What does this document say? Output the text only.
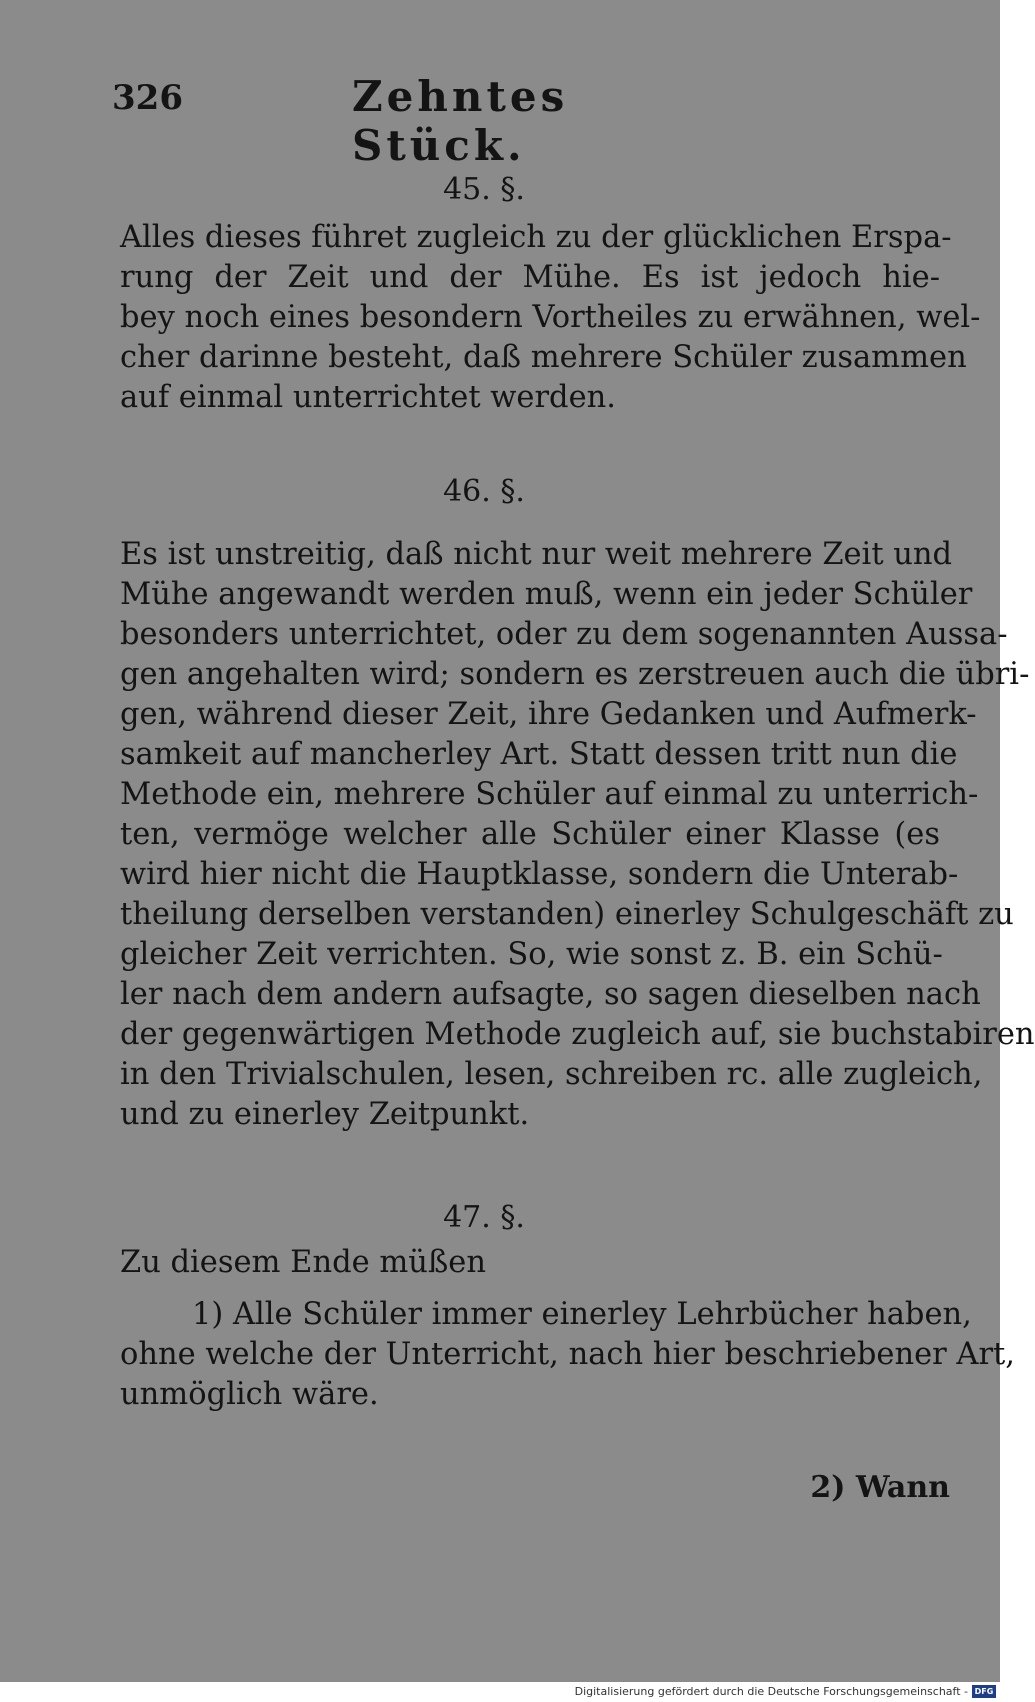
326	Zehntes Stück.
45. §.
Alles dieses führet zugleich zu der glücklichen Erspa-
rung der Zeit und der Mühe. Es ist jedoch hie-
bey noch eines besondern Vortheiles zu erwähnen, wel-
cher darinne besteht, daß mehrere Schüler zusammen
auf einmal unterrichtet werden.
46. §.
Es ist unstreitig, daß nicht nur weit mehrere Zeit und
Mühe angewandt werden muß, wenn ein jeder Schüler
besonders unterrichtet, oder zu dem sogenannten Aussa-
gen angehalten wird; sondern es zerstreuen auch die übri-
gen, während dieser Zeit, ihre Gedanken und Aufmerk-
samkeit auf mancherley Art. Statt dessen tritt nun die
Methode ein, mehrere Schüler auf einmal zu unterrich-
ten, vermöge welcher alle Schüler einer Klasse (es
wird hier nicht die Hauptklasse, sondern die Unterab-
theilung derselben verstanden) einerley Schulgeschäft zu
gleicher Zeit verrichten. So, wie sonst z. B. ein Schü-
ler nach dem andern aufsagte, so sagen dieselben nach
der gegenwärtigen Methode zugleich auf, sie buchstabiren
in den Trivialschulen, lesen, schreiben rc. alle zugleich,
und zu einerley Zeitpunkt.
47. §.
Zu diesem Ende müßen
1) Alle Schüler immer einerley Lehrbücher haben,
ohne welche der Unterricht, nach hier beschriebener Art,
unmöglich wäre.
2) Wann
Digitalisierung gefördert durch die Deutsche Forschungsgemeinschaft - DFG
